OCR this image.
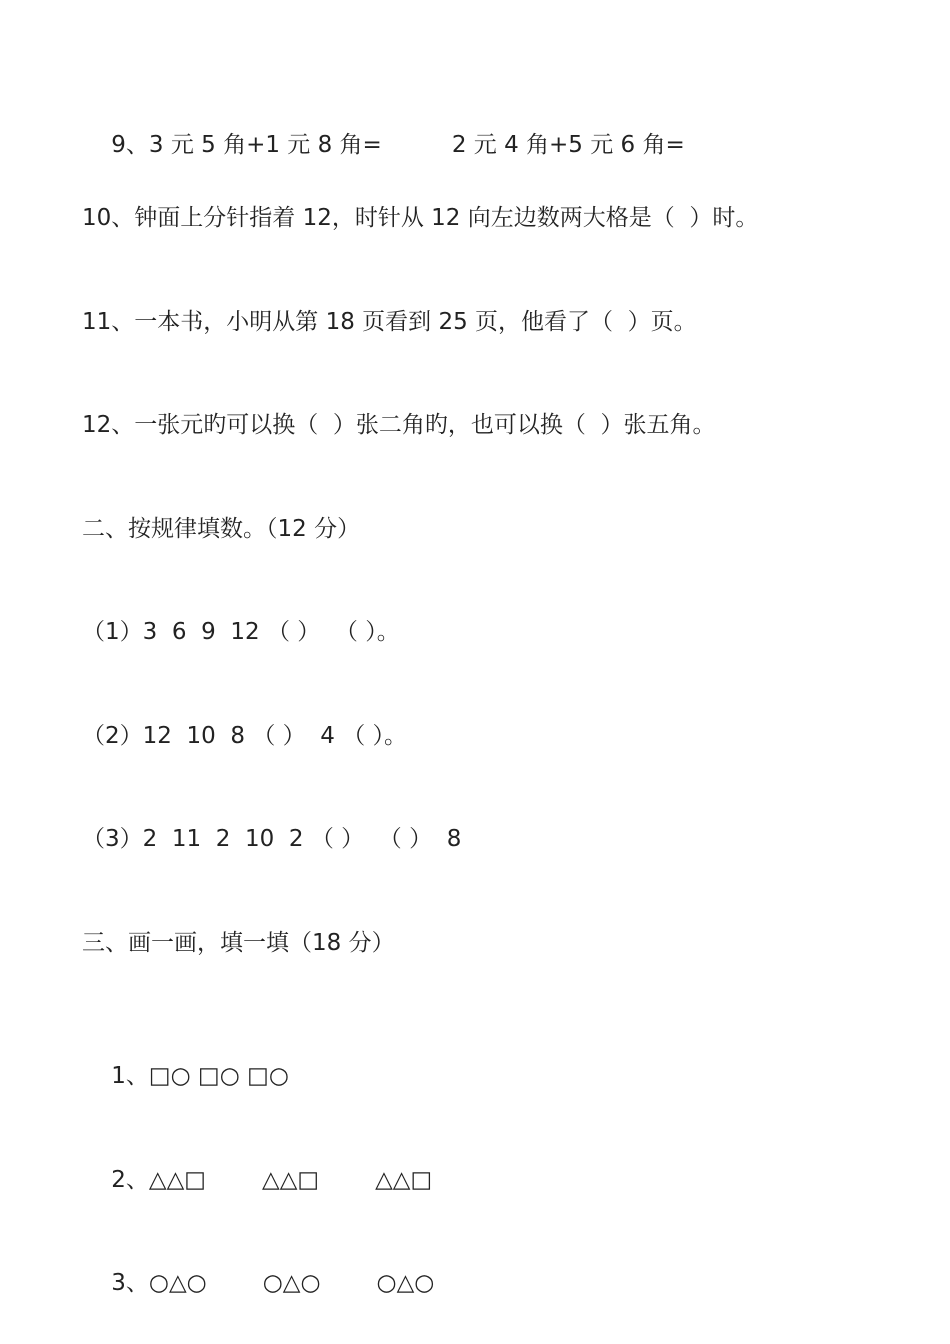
9、3 元 5 角+1 元 8 角=	2 元 4 角+5 元 6 角=

10、钟面上分针指着 12，时针从 12 向左边数两大格是（  ）时。
11、一本书，小明从第 18 页看到 25 页，他看了（  ）页。
12、一张元旳可以换（  ）张二角旳，也可以换（  ）张五角。
二、按规律填数。（12 分）
（1）3  6  9  12 （ ）  （ ）。
（2）12  10  8 （ ）  4 （ ）。
（3）2  11  2  10  2 （ ）  （ ）  8
三、画一画，填一填（18 分）

1、□○ □○ □○

2、△△□ △△□ △△□

3、○△○ ○△○ ○△○
